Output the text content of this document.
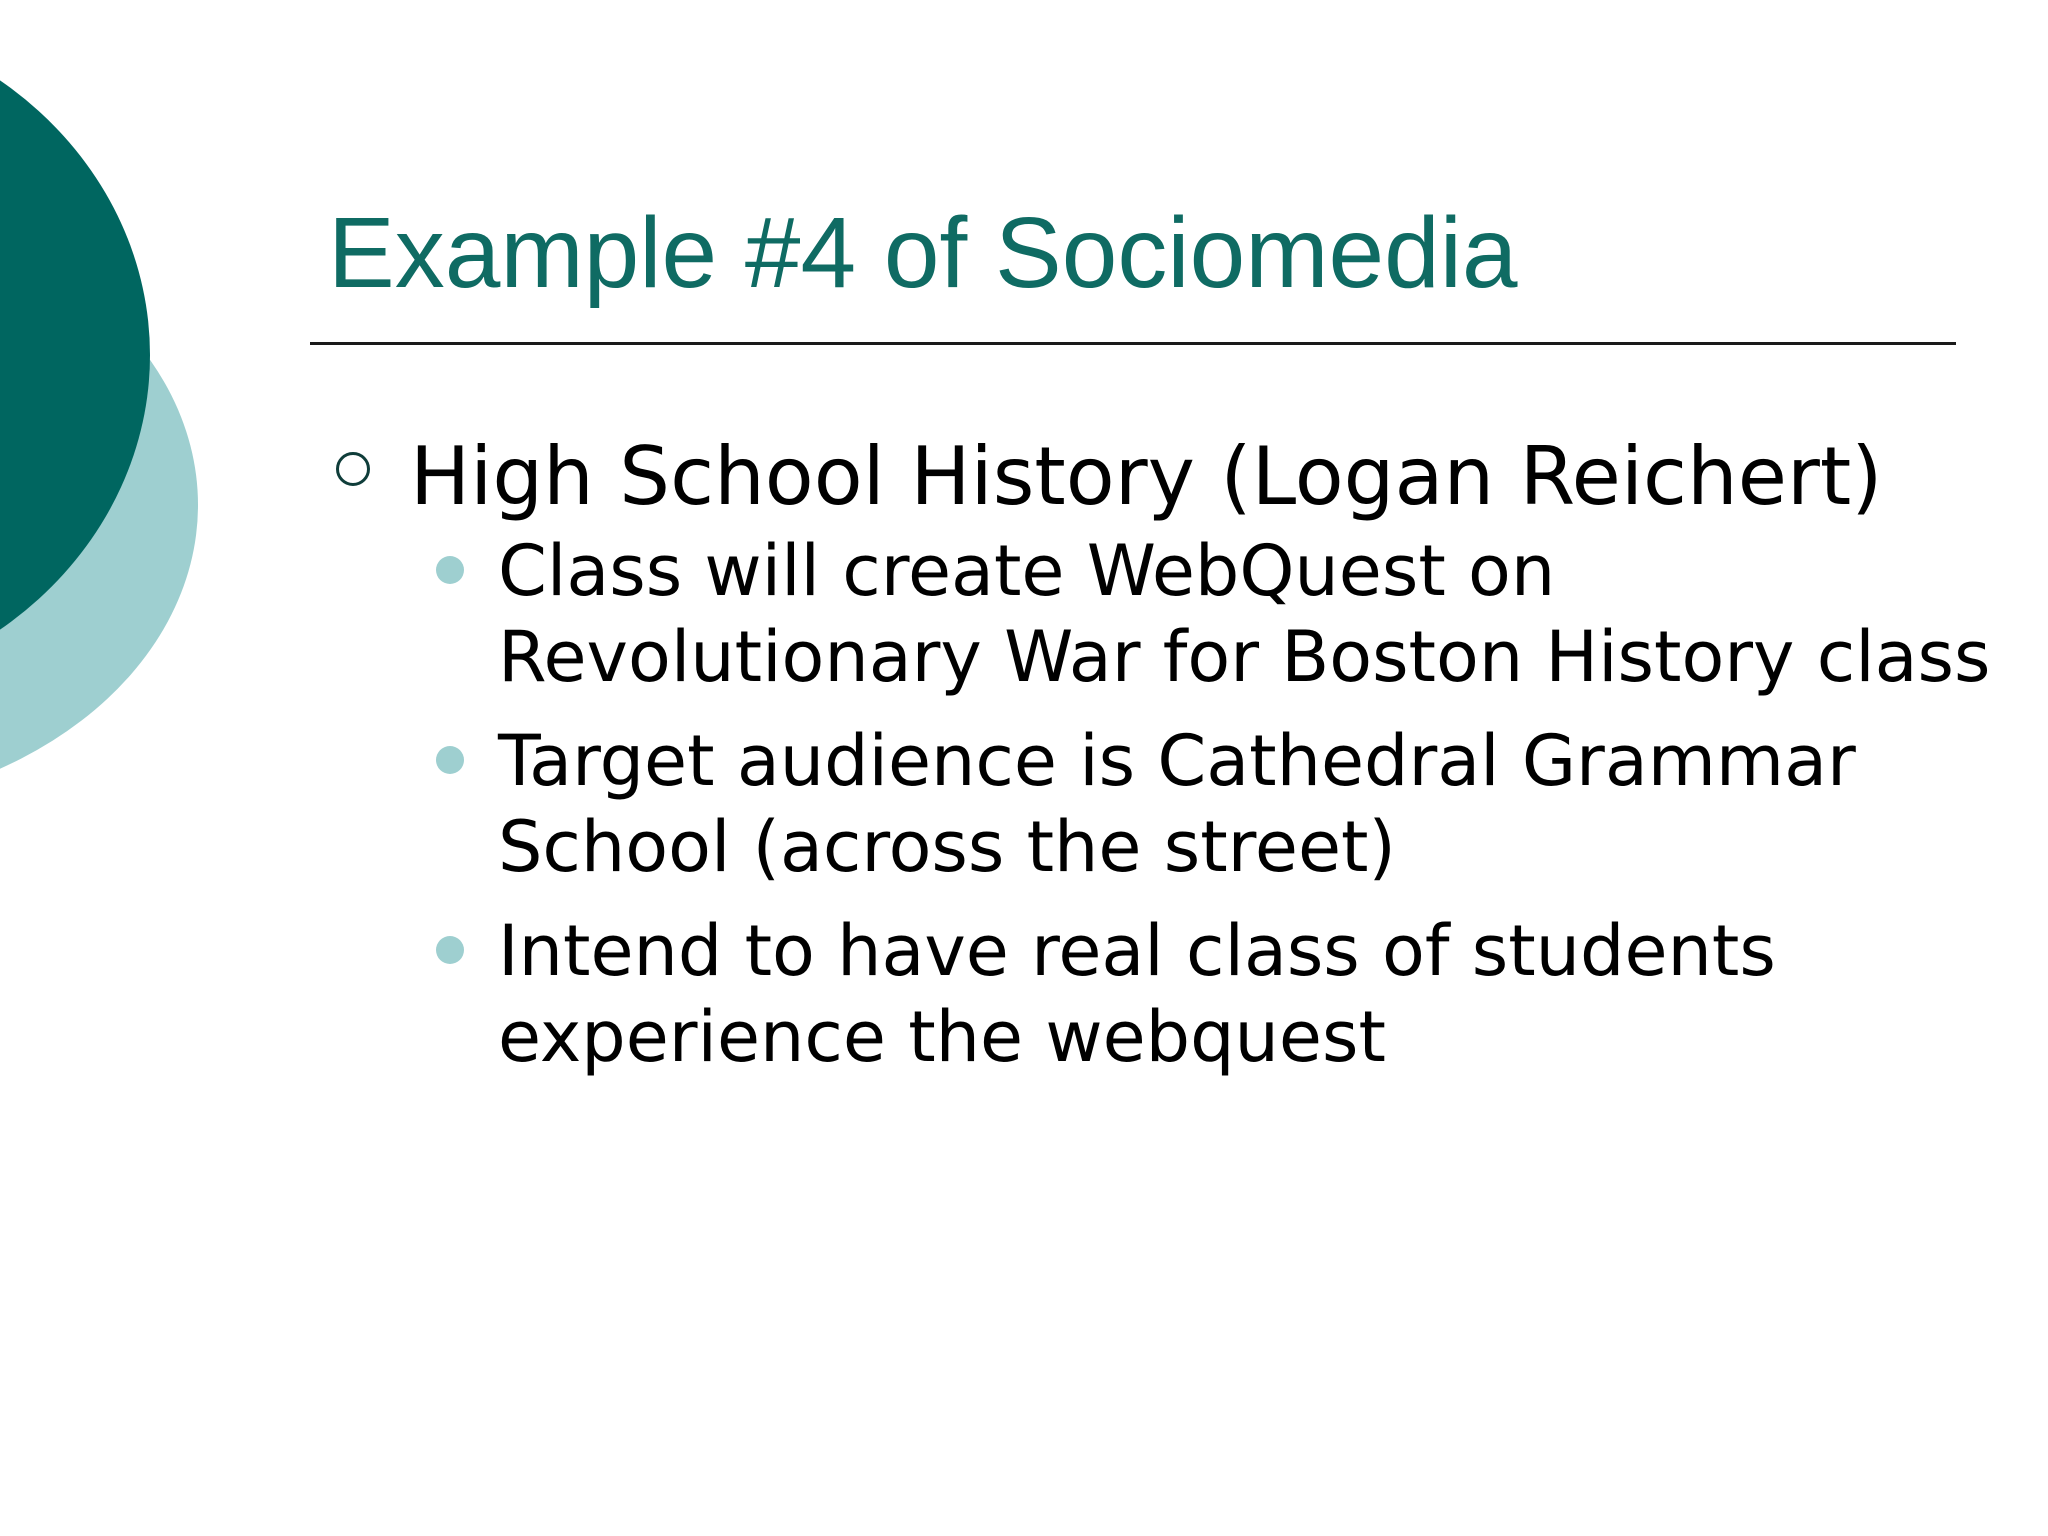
Example #4 of Sociomedia
High School History (Logan Reichert)
Class will create WebQuest on Revolutionary War for Boston History class
Target audience is Cathedral Grammar School (across the street)
Intend to have real class of students experience the webquest
